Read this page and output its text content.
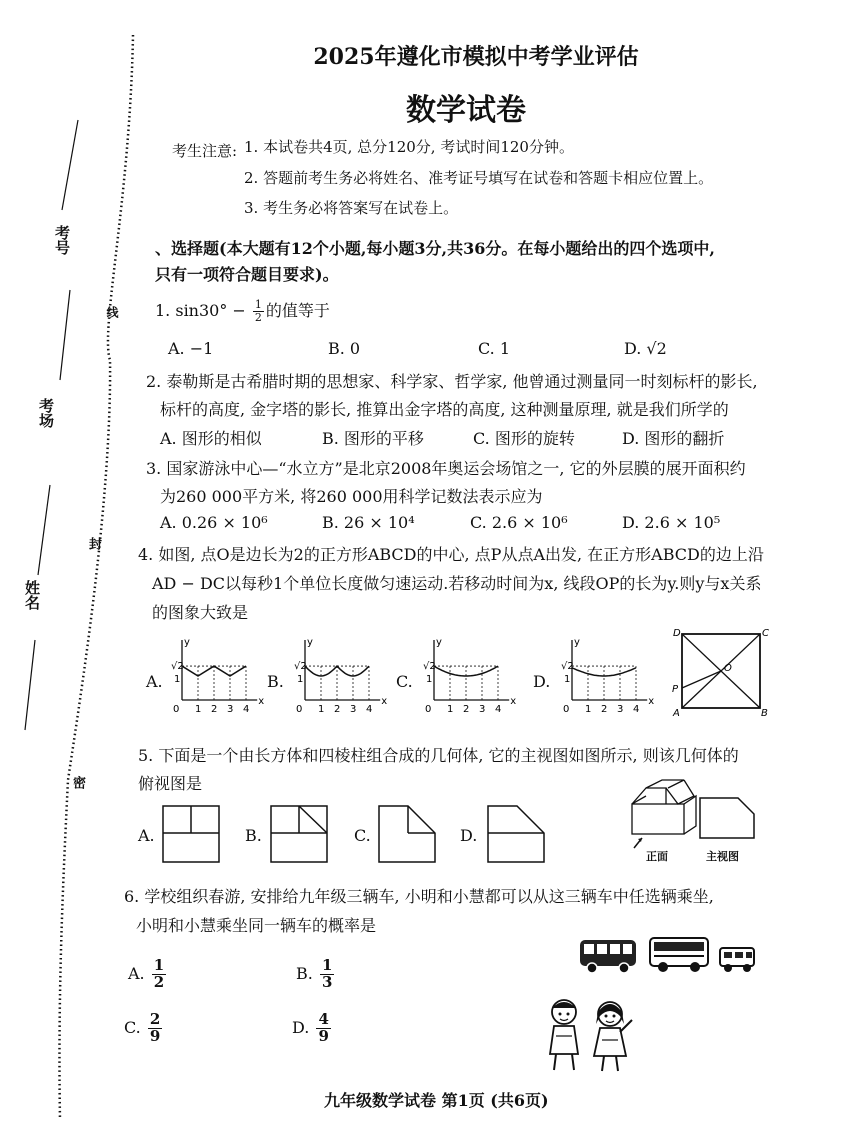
考号
考场
姓名
线
封
密
2025年遵化市模拟中考学业评估
数学试卷
考生注意: 1. 本试卷共4页, 总分120分, 考试时间120分钟。
2. 答题前考生务必将姓名、准考证号填写在试卷和答题卡相应位置上。
3. 考生务必将答案写在试卷上。
、选择题(本大题有12个小题,每小题3分,共36分。在每小题给出的四个选项中,
只有一项符合题目要求)。
1. $\sin 30^\circ - \frac{1}{2}$ 的值等于
A. −1	B. 0	C. 1	D. √2
2. 泰勒斯是古希腊时期的思想家、科学家、哲学家, 他曾通过测量同一时刻标杆的影长,
标杆的高度, 金字塔的影长, 推算出金字塔的高度, 这种测量原理, 就是我们所学的
A. 图形的相似	B. 图形的平移	C. 图形的旋转	D. 图形的翻折
3. 国家游泳中心—“水立方”是北京2008年奥运会场馆之一, 它的外层膜的展开面积约
为260 000平方米, 将260 000用科学记数法表示应为
A. 0.26 × 10⁶	B. 26 × 10⁴	C. 2.6 × 10⁶	D. 2.6 × 10⁵
4. 如图, 点O是边长为2的正方形ABCD的中心, 点P从点A出发, 在正方形ABCD的边上沿
AD − DC以每秒1个单位长度做匀速运动.若移动时间为x, 线段OP的长为y.则y与x关系
的图象大致是
A.	B.	C.	D.
x
y
0 1 2 3 4
√2
1
x
y
0 1 2 3 4
√2
1
x
y
0 1 2 3 4
√2
1
x
y
0 1 2 3 4
√2
1
D	C
O
P
A	B
5. 下面是一个由长方体和四棱柱组合成的几何体, 它的主视图如图所示, 则该几何体的
俯视图是
A.	B.	C.	D.
正面	主视图
6. 学校组织春游, 安排给九年级三辆车, 小明和小慧都可以从这三辆车中任选辆乘坐,
小明和小慧乘坐同一辆车的概率是
A. $\frac{1}{2}$	B. $\frac{1}{3}$
C. $\frac{2}{9}$	D. $\frac{4}{9}$
九年级数学试卷 第1页 (共6页)
